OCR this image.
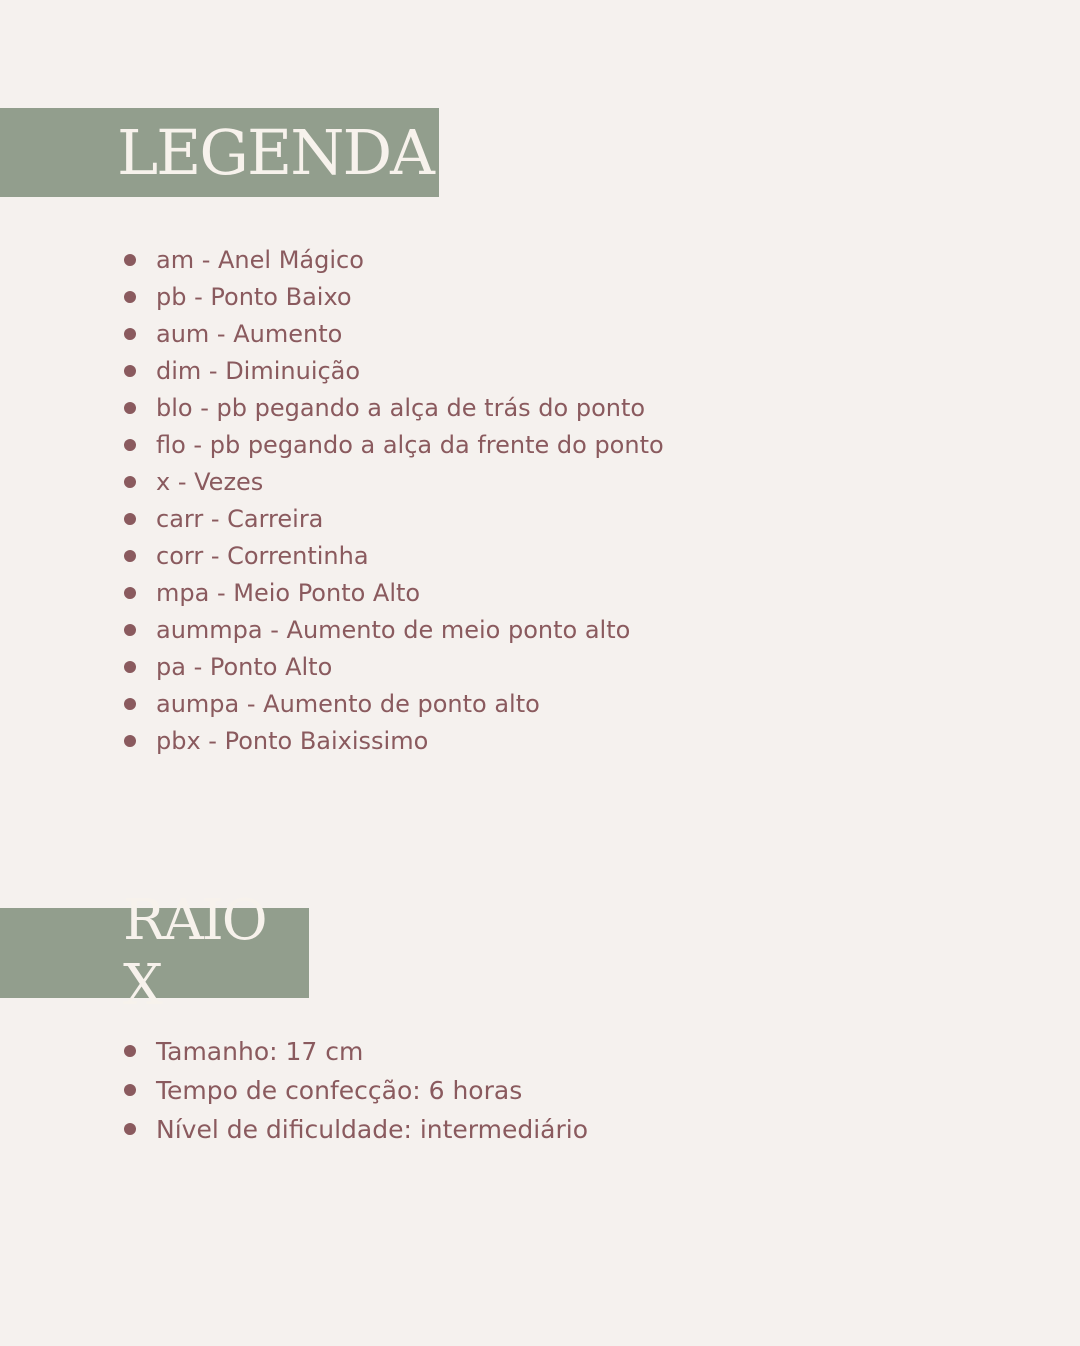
LEGENDA
am - Anel Mágico
pb - Ponto Baixo
aum - Aumento
dim - Diminuição
blo - pb pegando a alça de trás do ponto
flo - pb pegando a alça da frente do ponto
x - Vezes
carr - Carreira
corr - Correntinha
mpa - Meio Ponto Alto
aummpa - Aumento de meio ponto alto
pa - Ponto Alto
aumpa - Aumento de ponto alto
pbx - Ponto Baixissimo
RAIO X
Tamanho: 17 cm
Tempo de confecção: 6 horas
Nível de dificuldade: intermediário
